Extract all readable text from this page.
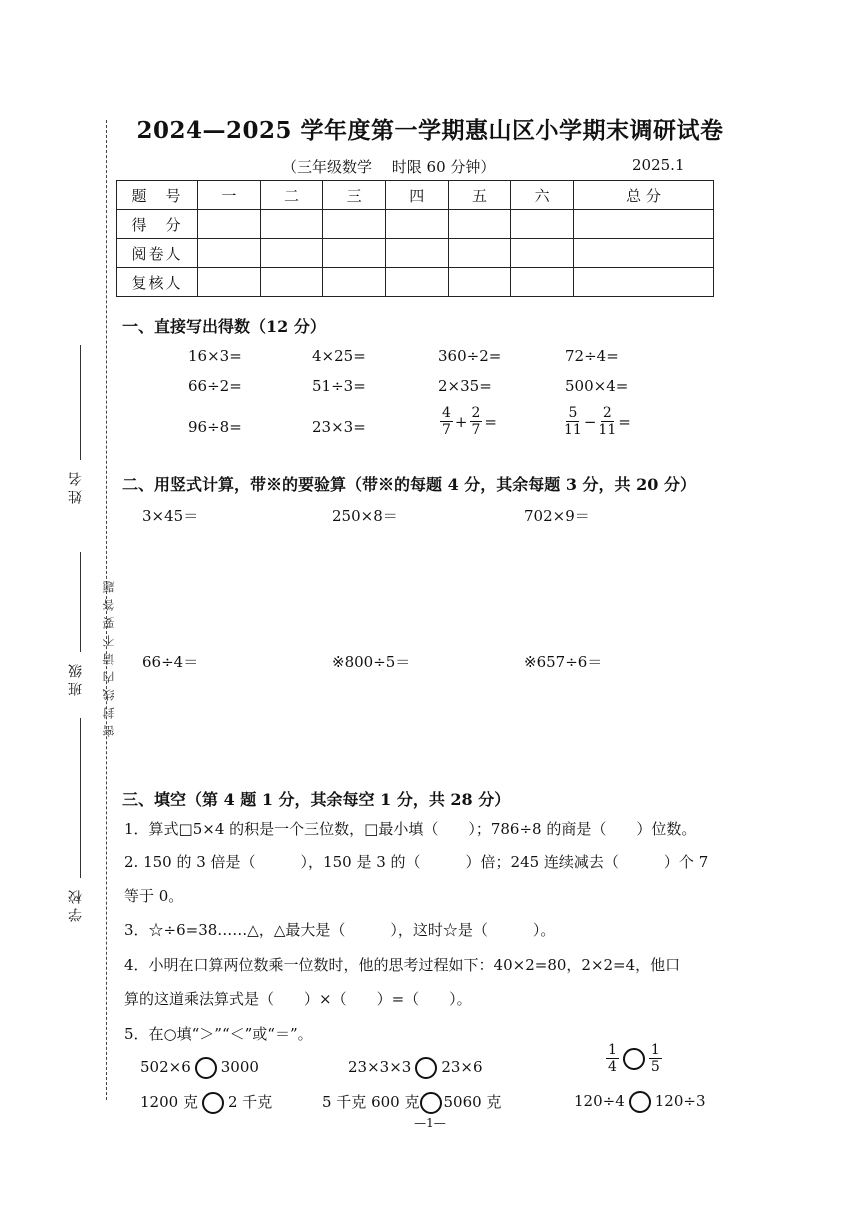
姓名
班级
学校
密封线内请不要答题
2024—2025 学年度第一学期惠山区小学期末调研试卷
（三年级数学　 时限 60 分钟）	2025.1
题　号	一	二	三	四	五	六	总 分
得　分							
阅卷人							
复核人							
一、直接写出得数（12 分）
16×3=	4×25=	360÷2=	72÷4=
66÷2=	51÷3=	2×35=	500×4=
96÷8=	23×3=	$\frac{4}{7} + \frac{2}{7}$ =	$\frac{5}{11} - \frac{2}{11}$ =
二、用竖式计算，带※的要验算（带※的每题 4 分，其余每题 3 分，共 20 分）
3×45＝	250×8＝	702×9＝
66÷4＝	※800÷5＝	※657÷6＝
三、填空（第 4 题 1 分，其余每空 1 分，共 28 分）
1．算式□5×4 的积是一个三位数，□最小填（　　）；786÷8 的商是（　　）位数。
2. 150 的 3 倍是（　　　），150 是 3 的（　　　）倍；245 连续减去（　　　）个 7
等于 0。
3．☆÷6=38……△，△最大是（　　　），这时☆是（　　　）。
4．小明在口算两位数乘一位数时，他的思考过程如下：40×2=80，2×2=4，他口
算的这道乘法算式是（　　）×（　　）=（　　）。
5．在○填“＞”“＜”或“＝”。
502×6 3000	23×3×3 23×6	$\frac{1}{4} \frac{1}{5}$
1200 克 2 千克	5 千克 600 克 5060 克	120÷4 120÷3
—1—
